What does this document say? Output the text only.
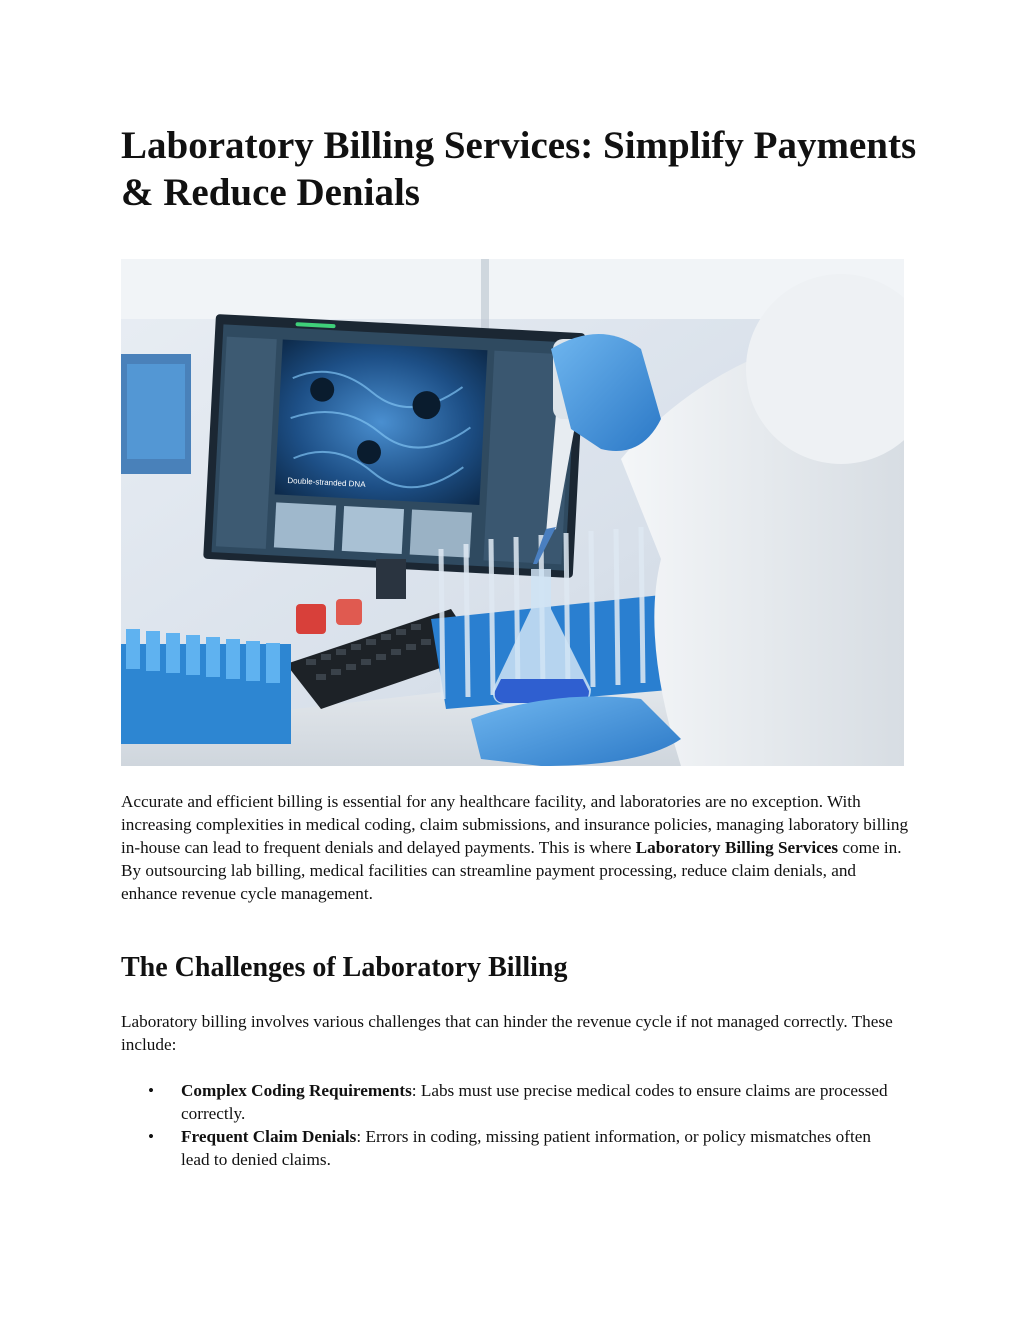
Laboratory Billing Services: Simplify Payments & Reduce Denials
Double-stranded DNA

Accurate and efficient billing is essential for any healthcare facility, and laboratories are no exception. With increasing complexities in medical coding, claim submissions, and insurance policies, managing laboratory billing in-house can lead to frequent denials and delayed payments. This is where Laboratory Billing Services come in. By outsourcing lab billing, medical facilities can streamline payment processing, reduce claim denials, and enhance revenue cycle management.

The Challenges of Laboratory Billing

Laboratory billing involves various challenges that can hinder the revenue cycle if not managed correctly. These include:

• Complex Coding Requirements: Labs must use precise medical codes to ensure claims are processed correctly.
• Frequent Claim Denials: Errors in coding, missing patient information, or policy mismatches often lead to denied claims.
